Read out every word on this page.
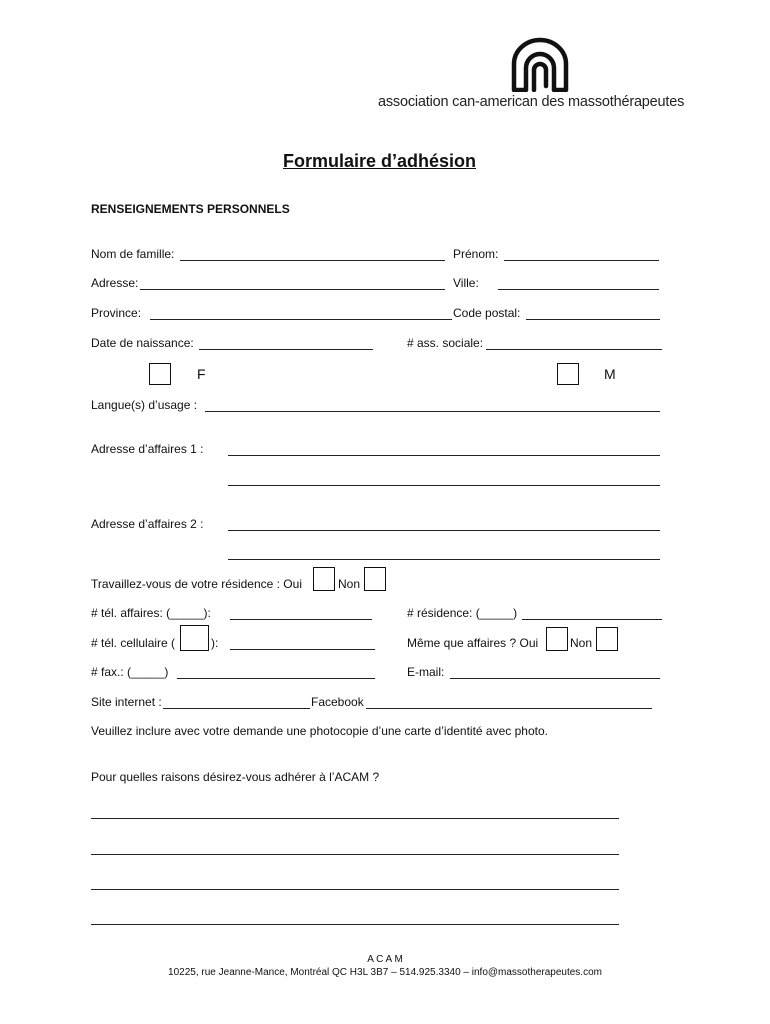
association can-american des massothérapeutes
Formulaire d’adhésion
RENSEIGNEMENTS PERSONNELS
Nom de famille:	Prénom:
Adresse:	Ville:
Province:	Code postal:
Date de naissance:	# ass. sociale:
F	M
Langue(s) d’usage :
Adresse d’affaires 1 :
Adresse d’affaires 2 :
Travaillez-vous de votre résidence : Oui	Non
# tél. affaires: (_____):	# résidence: (_____)
# tél. cellulaire (	):	Même que affaires ? Oui	Non
# fax.: (_____)	E-mail:
Site internet :	Facebook
Veuillez inclure avec votre demande une photocopie d’une carte d’identité avec photo.
Pour quelles raisons désirez-vous adhérer à l’ACAM ?
A C A M
10225, rue Jeanne-Mance, Montréal QC H3L 3B7 – 514.925.3340 – info@massotherapeutes.com
